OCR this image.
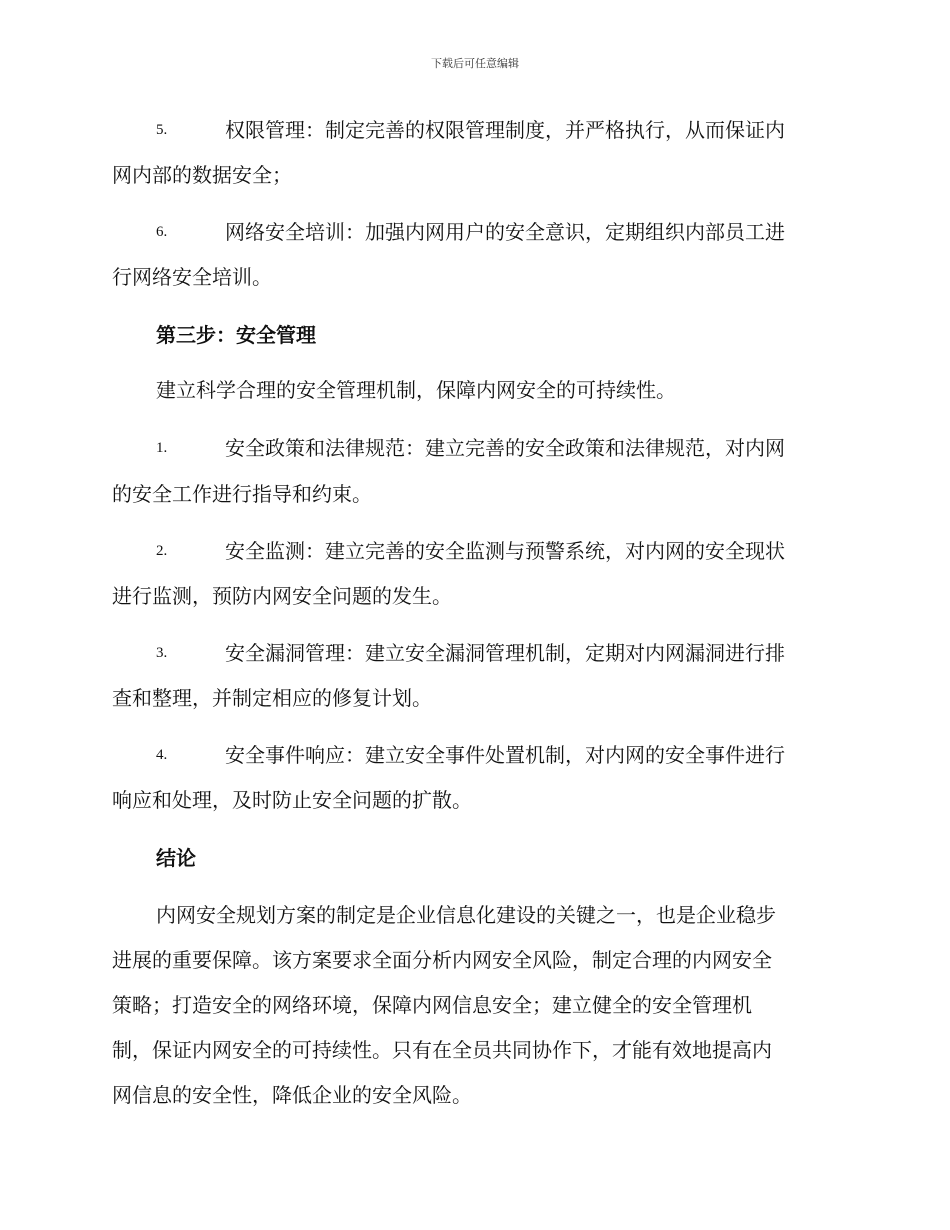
下载后可任意编辑
5.	权限管理：制定完善的权限管理制度，并严格执行，从而保证内
网内部的数据安全；
6.	网络安全培训：加强内网用户的安全意识，定期组织内部员工进
行网络安全培训。
第三步：安全管理
建立科学合理的安全管理机制，保障内网安全的可持续性。
1.	安全政策和法律规范：建立完善的安全政策和法律规范，对内网
的安全工作进行指导和约束。
2.	安全监测：建立完善的安全监测与预警系统，对内网的安全现状
进行监测，预防内网安全问题的发生。
3.	安全漏洞管理：建立安全漏洞管理机制，定期对内网漏洞进行排
查和整理，并制定相应的修复计划。
4.	安全事件响应：建立安全事件处置机制，对内网的安全事件进行
响应和处理，及时防止安全问题的扩散。
结论
内网安全规划方案的制定是企业信息化建设的关键之一，也是企业稳步
进展的重要保障。该方案要求全面分析内网安全风险，制定合理的内网安全
策略；打造安全的网络环境，保障内网信息安全；建立健全的安全管理机
制，保证内网安全的可持续性。只有在全员共同协作下，才能有效地提高内
网信息的安全性，降低企业的安全风险。
